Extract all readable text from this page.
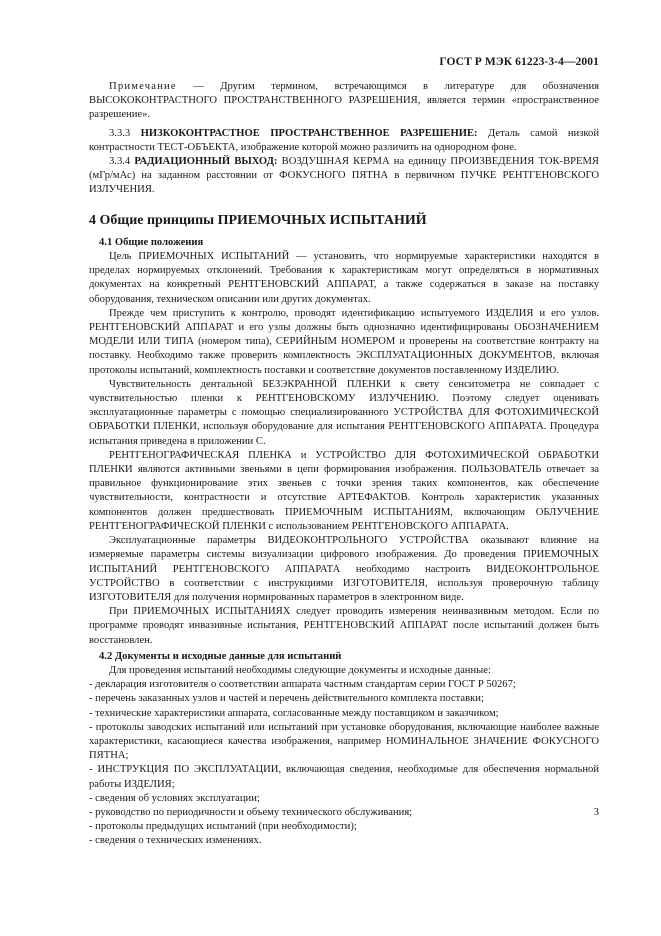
ГОСТ Р МЭК 61223-3-4—2001

Примечание — Другим термином, встречающимся в литературе для обозначения ВЫСОКОКОНТРАСТНОГО ПРОСТРАНСТВЕННОГО РАЗРЕШЕНИЯ, является термин «пространственное разрешение».

3.3.3 НИЗКОКОНТРАСТНОЕ ПРОСТРАНСТВЕННОЕ РАЗРЕШЕНИЕ: Деталь самой низкой контрастности ТЕСТ-ОБЪЕКТА, изображение которой можно различить на однородном фоне.

3.3.4 РАДИАЦИОННЫЙ ВЫХОД: ВОЗДУШНАЯ КЕРМА на единицу ПРОИЗВЕДЕНИЯ ТОК-ВРЕМЯ (мГр/мАс) на заданном расстоянии от ФОКУСНОГО ПЯТНА в первичном ПУЧКЕ РЕНТГЕНОВСКОГО ИЗЛУЧЕНИЯ.

4 Общие принципы ПРИЕМОЧНЫХ ИСПЫТАНИЙ

4.1 Общие положения

Цель ПРИЕМОЧНЫХ ИСПЫТАНИЙ — установить, что нормируемые характеристики находятся в пределах нормируемых отклонений. Требования к характеристикам могут определяться в нормативных документах на конкретный РЕНТГЕНОВСКИЙ АППАРАТ, а также содержаться в заказе на поставку оборудования, техническом описании или других документах.

Прежде чем приступить к контролю, проводят идентификацию испытуемого ИЗДЕЛИЯ и его узлов. РЕНТГЕНОВСКИЙ АППАРАТ и его узлы должны быть однозначно идентифицированы ОБОЗНАЧЕНИЕМ МОДЕЛИ ИЛИ ТИПА (номером типа), СЕРИЙНЫМ НОМЕРОМ и проверены на соответствие контракту на поставку. Необходимо также проверить комплектность ЭКСПЛУАТАЦИОННЫХ ДОКУМЕНТОВ, включая протоколы испытаний, комплектность поставки и соответствие документов поставленному ИЗДЕЛИЮ.

Чувствительность дентальной БЕЗЭКРАННОЙ ПЛЕНКИ к свету сенситометра не совпадает с чувствительностью пленки к РЕНТГЕНОВСКОМУ ИЗЛУЧЕНИЮ. Поэтому следует оценивать эксплуатационные параметры с помощью специализированного УСТРОЙСТВА ДЛЯ ФОТОХИМИЧЕСКОЙ ОБРАБОТКИ ПЛЕНКИ, используя оборудование для испытания РЕНТГЕНОВСКОГО АППАРАТА. Процедура испытания приведена в приложении С.

РЕНТГЕНОГРАФИЧЕСКАЯ ПЛЕНКА и УСТРОЙСТВО ДЛЯ ФОТОХИМИЧЕСКОЙ ОБРАБОТКИ ПЛЕНКИ являются активными звеньями в цепи формирования изображения. ПОЛЬЗОВАТЕЛЬ отвечает за правильное функционирование этих звеньев с точки зрения таких компонентов, как обеспечение чувствительности, контрастности и отсутствие АРТЕФАКТОВ. Контроль характеристик указанных компонентов должен предшествовать ПРИЕМОЧНЫМ ИСПЫТАНИЯМ, включающим ОБЛУЧЕНИЕ РЕНТГЕНОГРАФИЧЕСКОЙ ПЛЕНКИ с использованием РЕНТГЕНОВСКОГО АППАРАТА.

Эксплуатационные параметры ВИДЕОКОНТРОЛЬНОГО УСТРОЙСТВА оказывают влияние на измеряемые параметры системы визуализации цифрового изображения. До проведения ПРИЕМОЧНЫХ ИСПЫТАНИЙ РЕНТГЕНОВСКОГО АППАРАТА необходимо настроить ВИДЕОКОНТРОЛЬНОЕ УСТРОЙСТВО в соответствии с инструкциями ИЗГОТОВИТЕЛЯ, используя проверочную таблицу ИЗГОТОВИТЕЛЯ для получения нормированных параметров в электронном виде.

При ПРИЕМОЧНЫХ ИСПЫТАНИЯХ следует проводить измерения неинвазивным методом. Если по программе проводят инвазивные испытания, РЕНТГЕНОВСКИЙ АППАРАТ после испытаний должен быть восстановлен.

4.2 Документы и исходные данные для испытаний

Для проведения испытаний необходимы следующие документы и исходные данные:

- декларация изготовителя о соответствии аппарата частным стандартам серии ГОСТ Р 50267;
- перечень заказанных узлов и частей и перечень действительного комплекта поставки;
- технические характеристики аппарата, согласованные между поставщиком и заказчиком;
- протоколы заводских испытаний или испытаний при установке оборудования, включающие наиболее важные характеристики, касающиеся качества изображения, например НОМИНАЛЬНОЕ ЗНАЧЕНИЕ ФОКУСНОГО ПЯТНА;
- ИНСТРУКЦИЯ ПО ЭКСПЛУАТАЦИИ, включающая сведения, необходимые для обеспечения нормальной работы ИЗДЕЛИЯ;
- сведения об условиях эксплуатации;
- руководство по периодичности и объему технического обслуживания;
- протоколы предыдущих испытаний (при необходимости);
- сведения о технических изменениях.
3
